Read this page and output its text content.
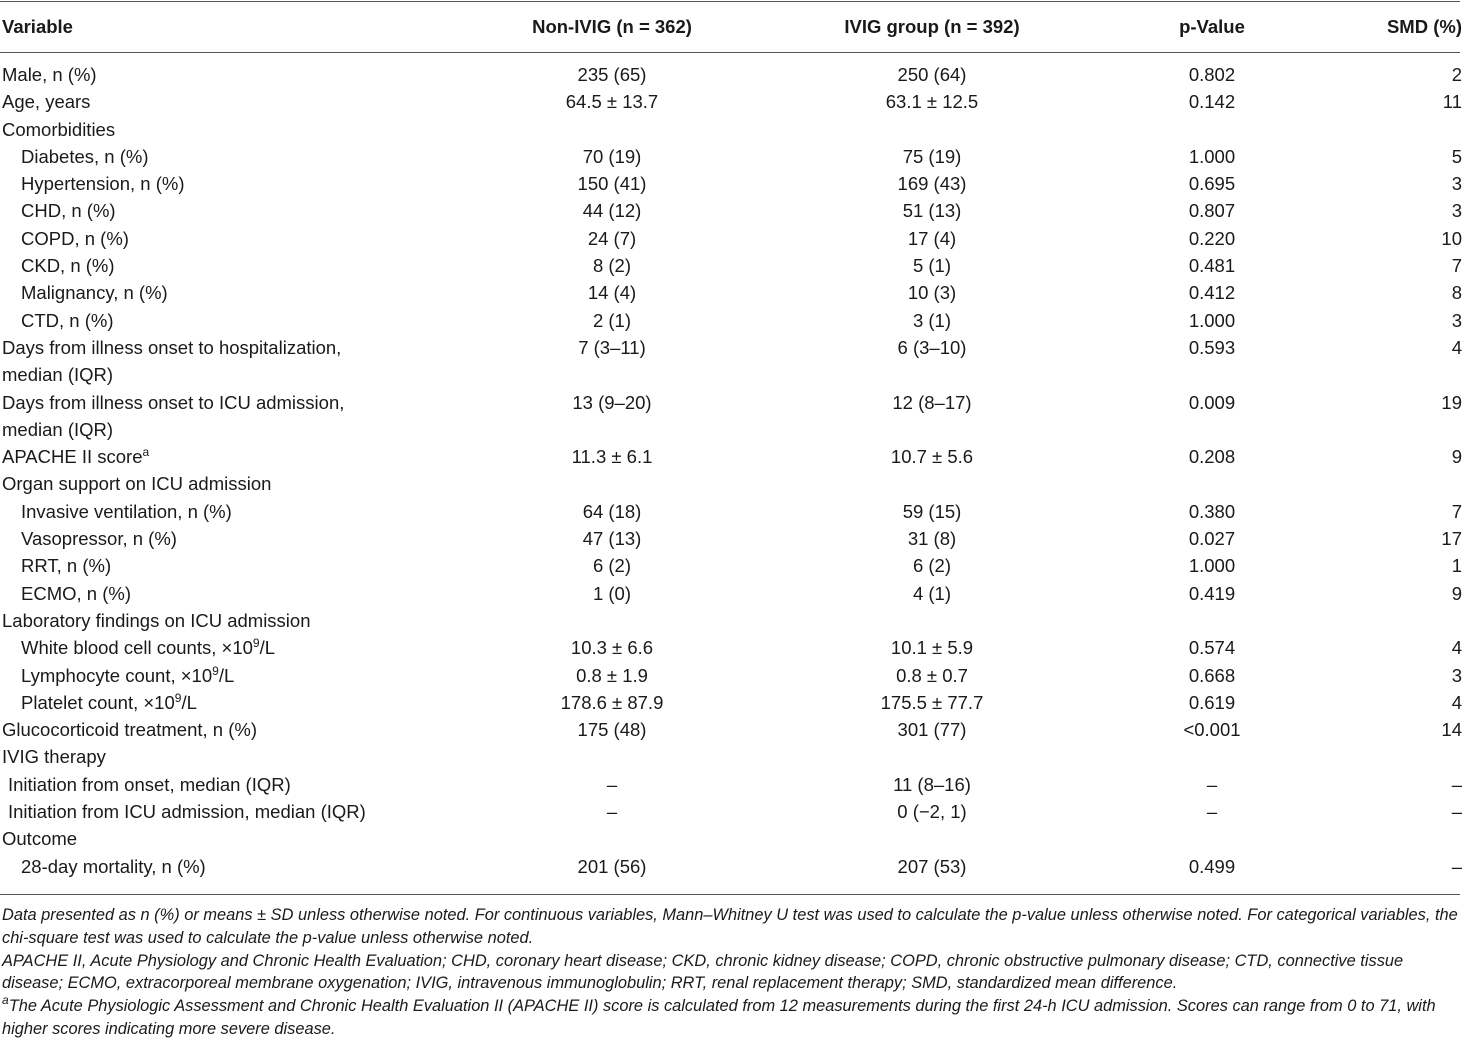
Variable	Non-IVIG (n = 362)	IVIG group (n = 392)	p-Value	SMD (%)

Male, n (%)	235 (65)	250 (64)	0.802	2
Age, years	64.5 ± 13.7	63.1 ± 12.5	0.142	11
Comorbidities				
Diabetes, n (%)	70 (19)	75 (19)	1.000	5
Hypertension, n (%)	150 (41)	169 (43)	0.695	3
CHD, n (%)	44 (12)	51 (13)	0.807	3
COPD, n (%)	24 (7)	17 (4)	0.220	10
CKD, n (%)	8 (2)	5 (1)	0.481	7
Malignancy, n (%)	14 (4)	10 (3)	0.412	8
CTD, n (%)	2 (1)	3 (1)	1.000	3
Days from illness onset to hospitalization,
median (IQR)	7 (3–11)	6 (3–10)	0.593	4
Days from illness onset to ICU admission,
median (IQR)	13 (9–20)	12 (8–17)	0.009	19
APACHE II score$^a$	11.3 ± 6.1	10.7 ± 5.6	0.208	9
Organ support on ICU admission				
Invasive ventilation, n (%)	64 (18)	59 (15)	0.380	7
Vasopressor, n (%)	47 (13)	31 (8)	0.027	17
RRT, n (%)	6 (2)	6 (2)	1.000	1
ECMO, n (%)	1 (0)	4 (1)	0.419	9
Laboratory findings on ICU admission				
White blood cell counts, $\times 10^9/L$	10.3 ± 6.6	10.1 ± 5.9	0.574	4
Lymphocyte count, $\times 10^9/L$	0.8 ± 1.9	0.8 ± 0.7	0.668	3
Platelet count, $\times 10^9/L$	178.6 ± 87.9	175.5 ± 77.7	0.619	4
Glucocorticoid treatment, n (%)	175 (48)	301 (77)	<0.001	14
IVIG therapy				
Initiation from onset, median (IQR)	–	11 (8–16)	–	–
Initiation from ICU admission, median (IQR)	–	0 (−2, 1)	–	–
Outcome				
28-day mortality, n (%)	201 (56)	207 (53)	0.499	–

Data presented as n (%) or means ± SD unless otherwise noted. For continuous variables, Mann–Whitney U test was used to calculate the p-value unless otherwise noted. For categorical variables, the chi-square test was used to calculate the p-value unless otherwise noted.

APACHE II, Acute Physiology and Chronic Health Evaluation; CHD, coronary heart disease; CKD, chronic kidney disease; COPD, chronic obstructive pulmonary disease; CTD, connective tissue disease; ECMO, extracorporeal membrane oxygenation; IVIG, intravenous immunoglobulin; RRT, renal replacement therapy; SMD, standardized mean difference.

$^a$The Acute Physiologic Assessment and Chronic Health Evaluation II (APACHE II) score is calculated from 12 measurements during the first 24-h ICU admission. Scores can range from 0 to 71, with higher scores indicating more severe disease.
